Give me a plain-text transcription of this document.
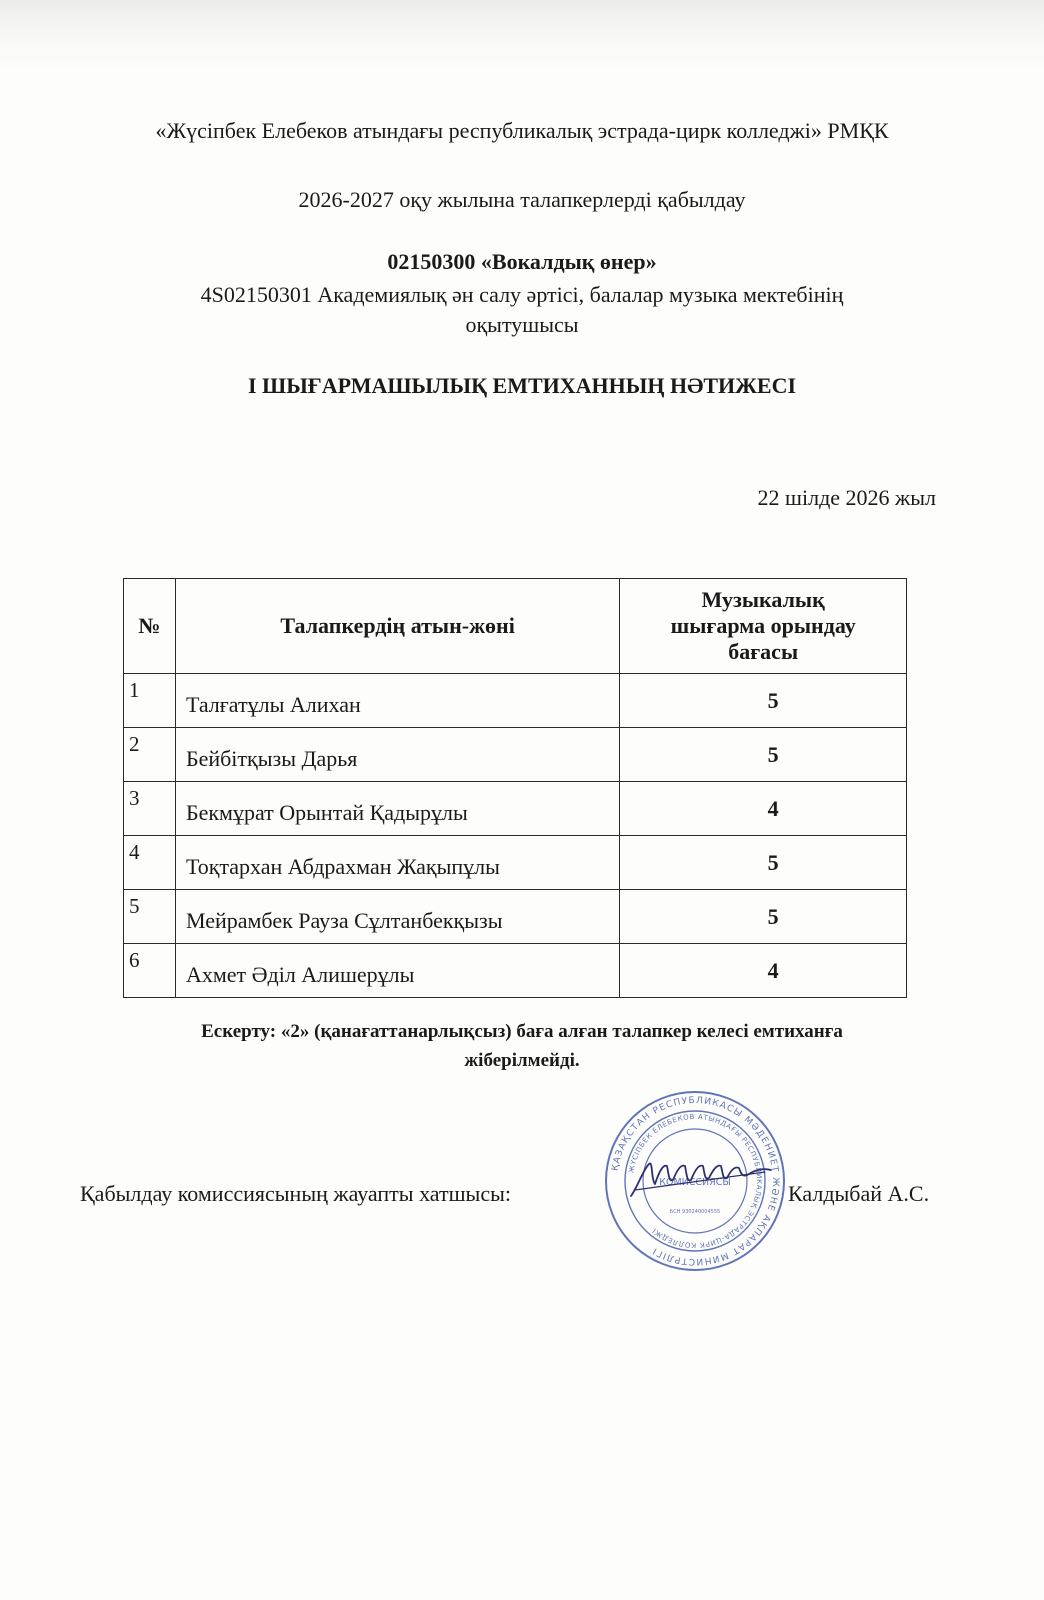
«Жүсіпбек Елебеков атындағы республикалық эстрада-цирк колледжі» РМҚК
2026-2027 оқу жылына талапкерлерді қабылдау
02150300 «Вокалдық өнер»
4S02150301 Академиялық ән салу әртісі, балалар музыка мектебінің
оқытушысы
І ШЫҒАРМАШЫЛЫҚ ЕМТИХАННЫҢ НӘТИЖЕСІ
22 шілде 2026 жыл
№	Талапкердің атын-жөні	Музыкалық
шығарма орындау
бағасы

1	Талғатұлы Алихан	5
2	Бейбітқызы Дарья	5
3	Бекмұрат Орынтай Қадырұлы	4
4	Тоқтархан Абдрахман Жақыпұлы	5
5	Мейрамбек Рауза Сұлтанбекқызы	5
6	Ахмет Әділ Алишерұлы	4
Ескерту: «2» (қанағаттанарлықсыз) баға алған талапкер келесі емтиханға
жіберілмейді.
Қабылдау комиссиясының жауапты хатшысы:	Калдыбай А.С.
ҚАЗАҚСТАН РЕСПУБЛИКАСЫ МӘДЕНИЕТ ЖӘНЕ АҚПАРАТ МИНИСТРЛІГІ
ЖҮСІПБЕК ЕЛЕБЕКОВ АТЫНДАҒЫ РЕСПУБЛИКАЛЫҚ ЭСТРАДА-ЦИРК КОЛЛЕДЖІ
КОМИССИЯСЫ
БСН 930240004555
